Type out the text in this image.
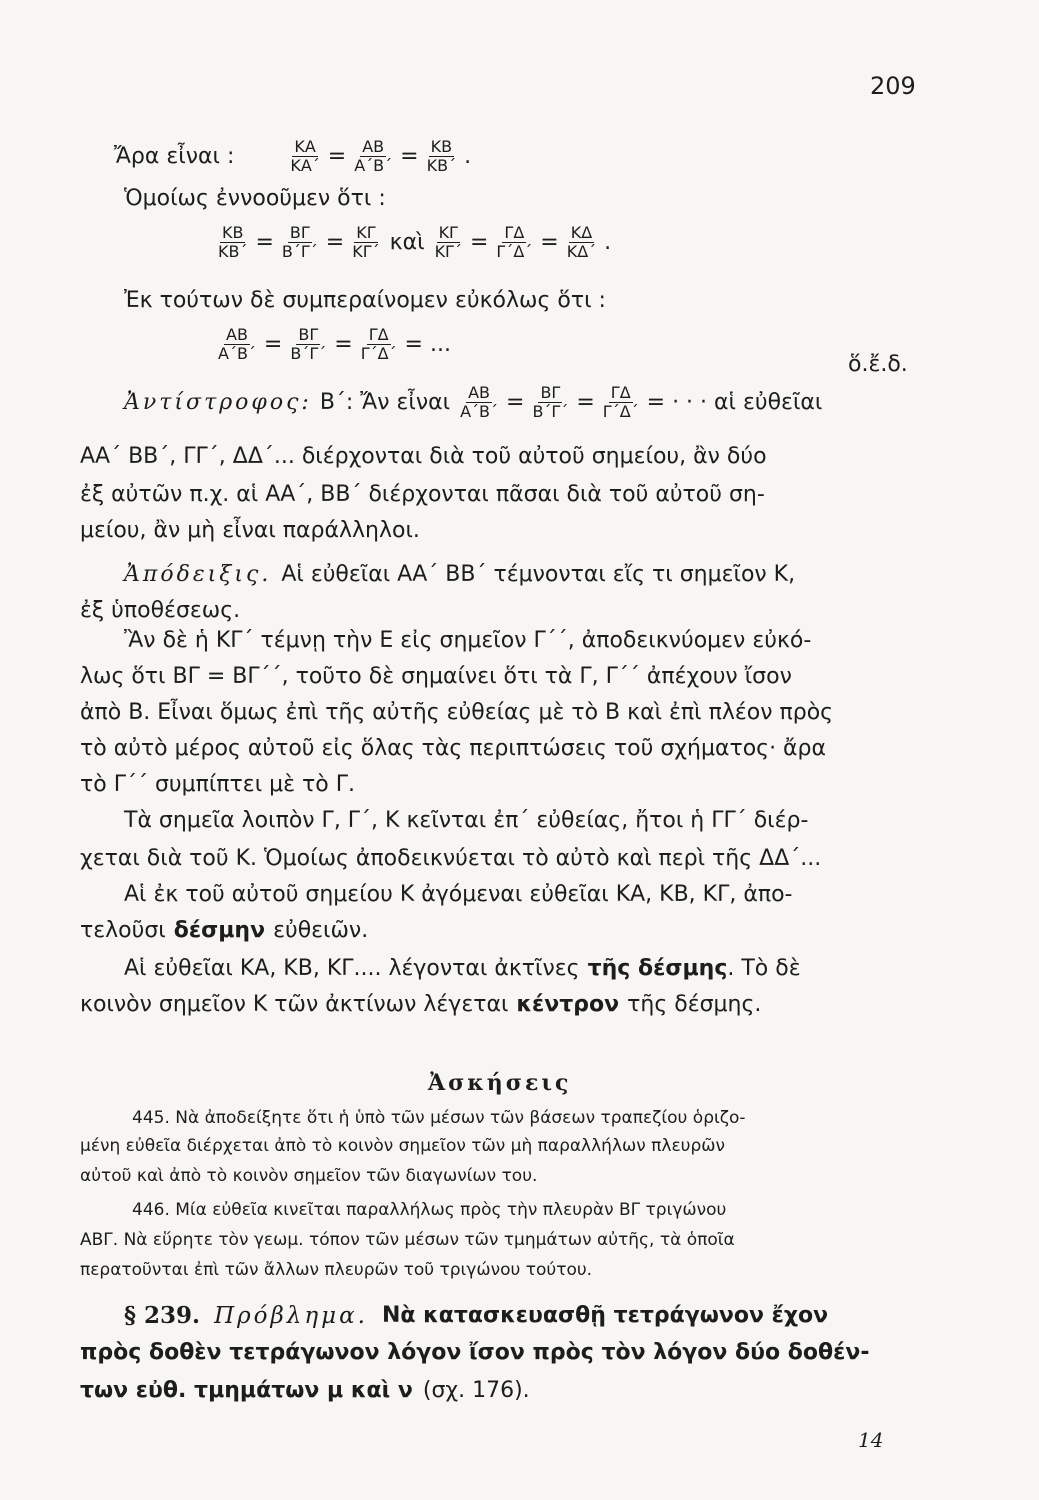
209
Ἄρα εἶναι :	$\frac{KA}{KA΄} = \frac{AB}{A΄B΄} = \frac{KB}{KB΄}$ .
Ὁμοίως ἐννοοῦμεν ὅτι :
$\frac{KB}{KB΄} = \frac{B\Gamma}{B΄\Gamma΄} = \frac{K\Gamma}{K\Gamma΄}$ καὶ $\frac{K\Gamma}{K\Gamma΄} = \frac{\Gamma\Delta}{\Gamma΄\Delta΄} = \frac{K\Delta}{K\Delta΄}$ .
Ἐκ τούτων δὲ συμπεραίνομεν εὐκόλως ὅτι :
$\frac{AB}{A΄B΄} = \frac{B\Gamma}{B΄\Gamma΄} = \frac{\Gamma\Delta}{\Gamma΄\Delta΄}$ = ...
ὅ.ἔ.δ.
Ἀντίστροφος: Β΄: Ἄν εἶναι $\frac{AB}{A΄B΄} = \frac{B\Gamma}{B΄\Gamma΄} = \frac{\Gamma\Delta}{\Gamma΄\Delta΄}$ = · · · αἱ εὐθεῖαι
ΑΑ΄ ΒΒ΄, ΓΓ΄, ΔΔ΄... διέρχονται διὰ τοῦ αὐτοῦ σημείου, ἂν δύο
ἐξ αὐτῶν π.χ. αἱ ΑΑ΄, ΒΒ΄ διέρχονται πᾶσαι διὰ τοῦ αὐτοῦ ση-
μείου, ἂν μὴ εἶναι παράλληλοι.
Ἀπόδειξις. Αἱ εὐθεῖαι ΑΑ΄ ΒΒ΄ τέμνονται εἴς τι σημεῖον Κ,
ἐξ ὑποθέσεως.
Ἂν δὲ ἡ ΚΓ΄ τέμνῃ τὴν Ε εἰς σημεῖον Γ΄΄, ἀποδεικνύομεν εὐκό-
λως ὅτι ΒΓ = ΒΓ΄΄, τοῦτο δὲ σημαίνει ὅτι τὰ Γ, Γ΄΄ ἀπέχουν ἴσον
ἀπὸ Β. Εἶναι ὅμως ἐπὶ τῆς αὐτῆς εὐθείας μὲ τὸ Β καὶ ἐπὶ πλέον πρὸς
τὸ αὐτὸ μέρος αὐτοῦ εἰς ὅλας τὰς περιπτώσεις τοῦ σχήματος· ἄρα
τὸ Γ΄΄ συμπίπτει μὲ τὸ Γ.
Τὰ σημεῖα λοιπὸν Γ, Γ΄, Κ κεῖνται ἐπ΄ εὐθείας, ἤτοι ἡ ΓΓ΄ διέρ-
χεται διὰ τοῦ Κ. Ὁμοίως ἀποδεικνύεται τὸ αὐτὸ καὶ περὶ τῆς ΔΔ΄...
Αἱ ἐκ τοῦ αὐτοῦ σημείου Κ ἀγόμεναι εὐθεῖαι ΚΑ, ΚΒ, ΚΓ, ἀπο-
τελοῦσι δέσμην εὐθειῶν.
Αἱ εὐθεῖαι ΚΑ, ΚΒ, ΚΓ.... λέγονται ἀκτῖνες τῆς δέσμης . Τὸ δὲ
κοινὸν σημεῖον Κ τῶν ἀκτίνων λέγεται κέντρον τῆς δέσμης.
Ἀσκήσεις
445. Νὰ ἀποδείξητε ὅτι ἡ ὑπὸ τῶν μέσων τῶν βάσεων τραπεζίου ὁριζο-
μένη εὐθεῖα διέρχεται ἀπὸ τὸ κοινὸν σημεῖον τῶν μὴ παραλλήλων πλευρῶν
αὐτοῦ καὶ ἀπὸ τὸ κοινὸν σημεῖον τῶν διαγωνίων του.
446. Μία εὐθεῖα κινεῖται παραλλήλως πρὸς τὴν πλευρὰν ΒΓ τριγώνου
ΑΒΓ. Νὰ εὕρητε τὸν γεωμ. τόπον τῶν μέσων τῶν τμημάτων αὐτῆς, τὰ ὁποῖα
περατοῦνται ἐπὶ τῶν ἄλλων πλευρῶν τοῦ τριγώνου τούτου.
§ 239. Πρόβλημα. Νὰ κατασκευασθῇ τετράγωνον ἔχον
πρὸς δοθὲν τετράγωνον λόγον ἴσον πρὸς τὸν λόγον δύο δοθέν-
των εὐθ. τμημάτων μ καὶ ν (σχ. 176).
14
